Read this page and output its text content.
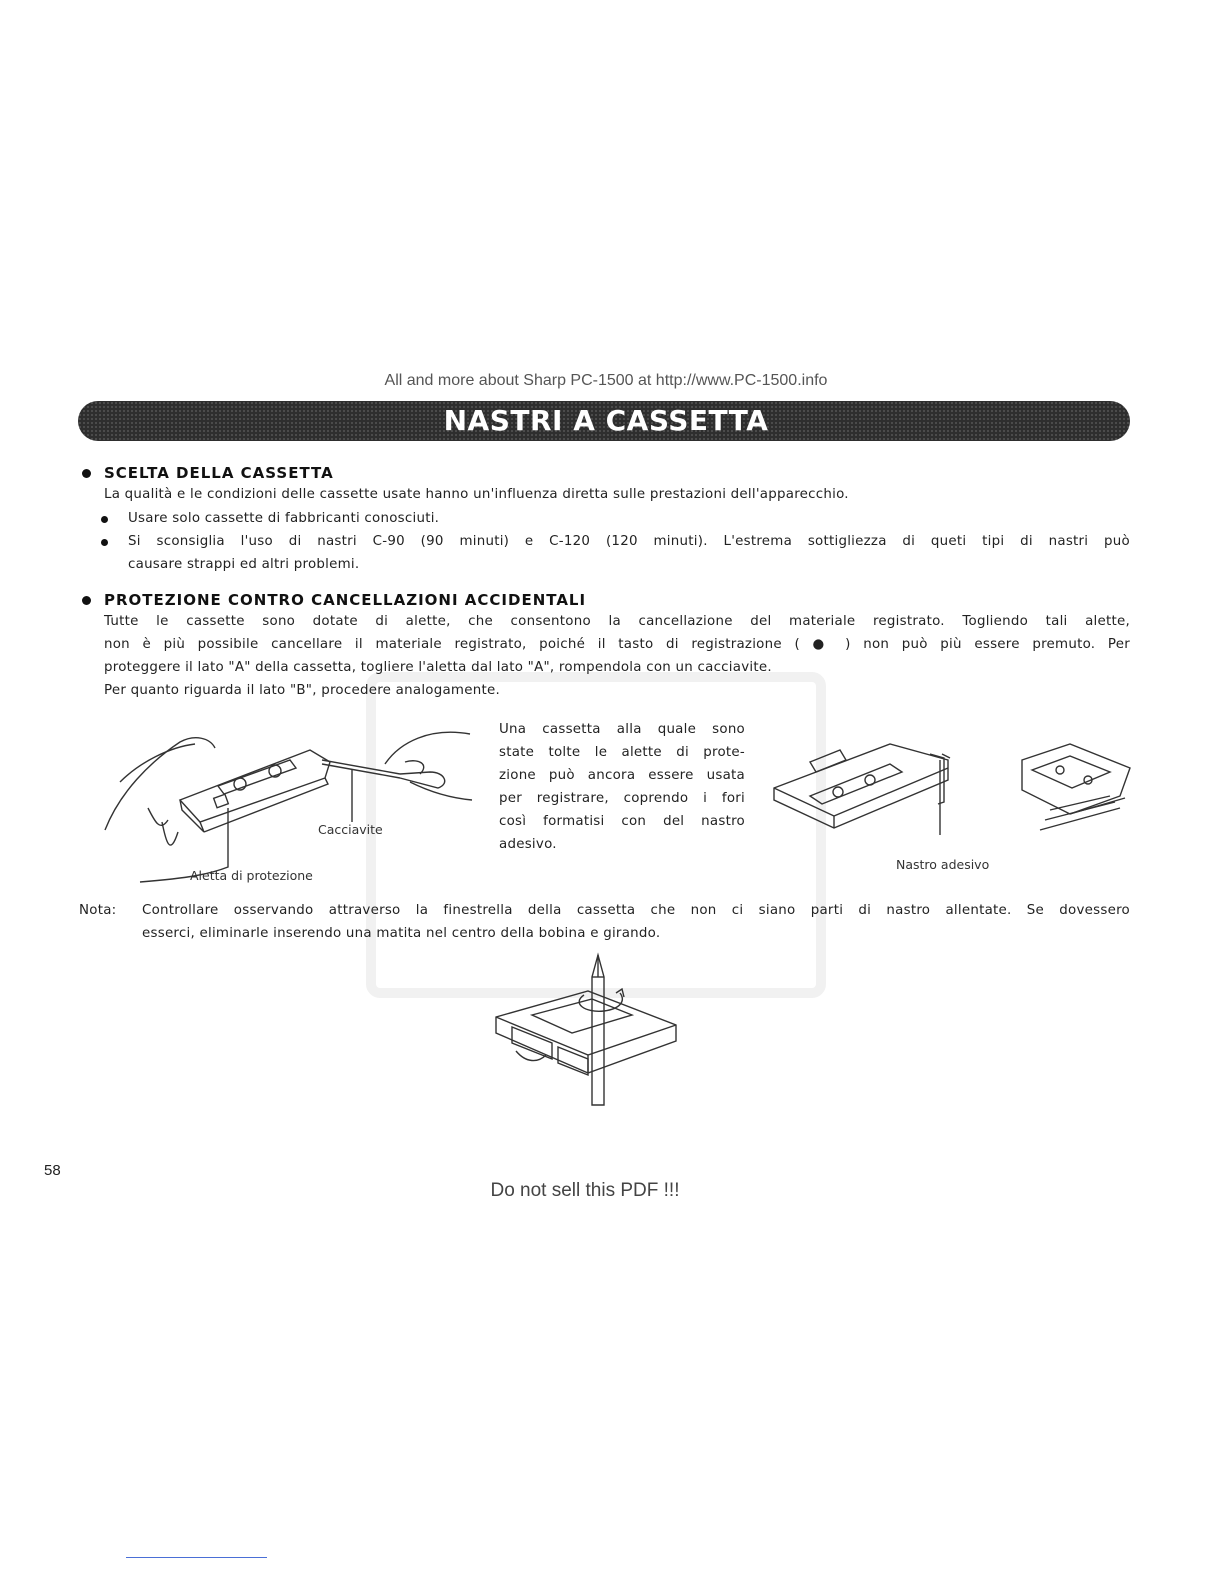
All and more about Sharp PC-1500 at http://www.PC-1500.info
NASTRI A CASSETTA
SCELTA DELLA CASSETTA
La qualità e le condizioni delle cassette usate hanno un'influenza diretta sulle prestazioni dell'apparecchio.
Usare solo cassette di fabbricanti conosciuti.
Si sconsiglia l'uso di nastri C-90 (90 minuti) e C-120 (120 minuti). L'estrema sottigliezza di queti tipi di nastri può
causare strappi ed altri problemi.
PROTEZIONE CONTRO CANCELLAZIONI ACCIDENTALI
Tutte le cassette sono dotate di alette, che consentono la cancellazione del materiale registrato. Togliendo tali alette,
non è più possibile cancellare il materiale registrato, poiché il tasto di registrazione ( ● ) non può più essere premuto. Per
proteggere il lato "A" della cassetta, togliere l'aletta dal lato "A", rompendola con un cacciavite.
Per quanto riguarda il lato "B", procedere analogamente.
Cacciavite
Aletta di protezione
Una cassetta alla quale sono
state tolte le alette di prote-
zione può ancora essere usata
per registrare, coprendo i fori
così formatisi con del nastro
adesivo.
Nastro adesivo
Nota: Controllare osservando attraverso la finestrella della cassetta che non ci siano parti di nastro allentate. Se dovessero
esserci, eliminarle inserendo una matita nel centro della bobina e girando.
58
Do not sell this PDF !!!
